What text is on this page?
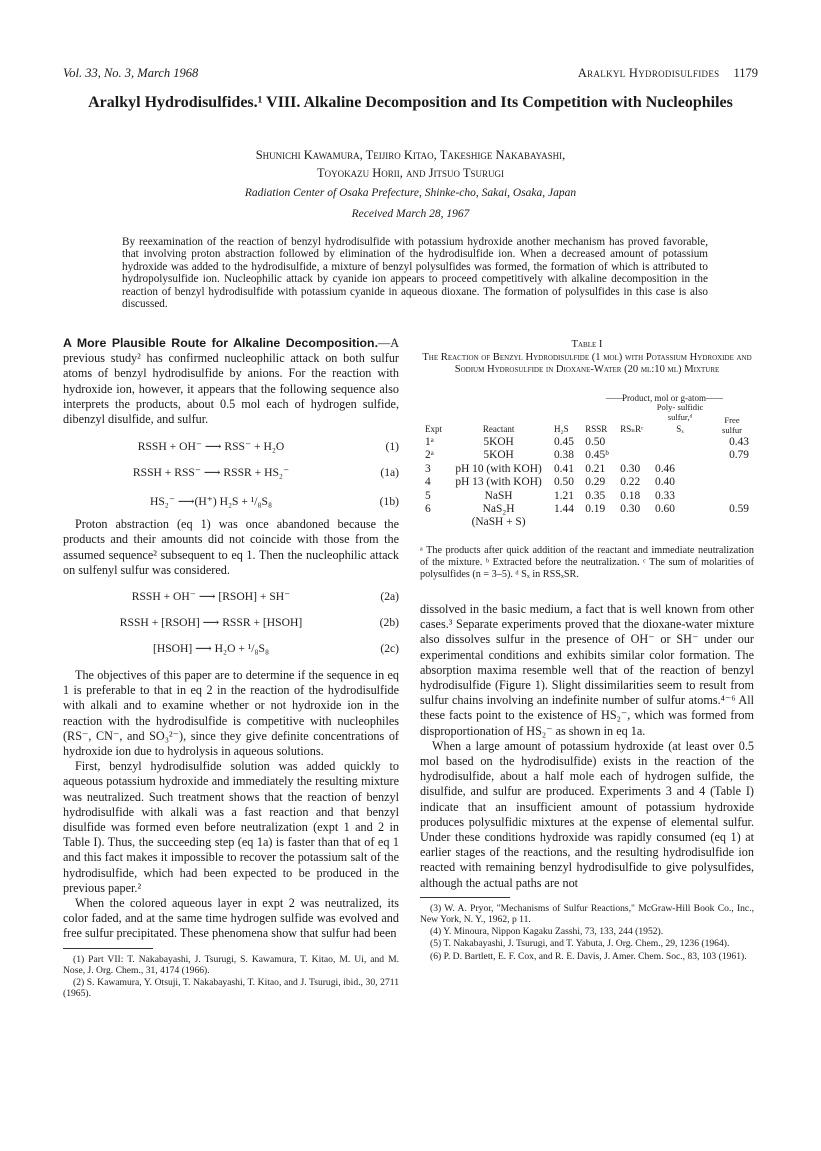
Vol. 33, No. 3, March 1968	Aralkyl Hydrodisulfides 1179
Aralkyl Hydrodisulfides.¹ VIII. Alkaline Decomposition and Its Competition with Nucleophiles
Shunichi Kawamura, Teijiro Kitao, Takeshige Nakabayashi,
Toyokazu Horii, and Jitsuo Tsurugi
Radiation Center of Osaka Prefecture, Shinke-cho, Sakai, Osaka, Japan
Received March 28, 1967
By reexamination of the reaction of benzyl hydrodisulfide with potassium hydroxide another mechanism has proved favorable, that involving proton abstraction followed by elimination of the hydrodisulfide ion. When a decreased amount of potassium hydroxide was added to the hydrodisulfide, a mixture of benzyl polysulfides was formed, the formation of which is attributed to hydropolysulfide ion. Nucleophilic attack by cyanide ion appears to proceed competitively with alkaline decomposition in the reaction of benzyl hydrodisulfide with potassium cyanide in aqueous dioxane. The formation of polysulfides in this case is also discussed.

A More Plausible Route for Alkaline Decomposition.—A previous study² has confirmed nucleophilic attack on both sulfur atoms of benzyl hydrodisulfide by anions. For the reaction with hydroxide ion, however, it appears that the following sequence also interprets the products, about 0.5 mol each of hydrogen sulfide, dibenzyl disulfide, and sulfur.

RSSH + OH⁻ ⟶ RSS⁻ + H₂O	(1)
RSSH + RSS⁻ ⟶ RSSR + HS₂⁻	(1a)
HS₂⁻ ⟶(H⁺) H₂S + ¹/₈S₈	(1b)

Proton abstraction (eq 1) was once abandoned because the products and their amounts did not coincide with those from the assumed sequence² subsequent to eq 1. Then the nucleophilic attack on sulfenyl sulfur was considered.

RSSH + OH⁻ ⟶ [RSOH] + SH⁻	(2a)
RSSH + [RSOH] ⟶ RSSR + [HSOH]	(2b)
[HSOH] ⟶ H₂O + ¹/₈S₈	(2c)

The objectives of this paper are to determine if the sequence in eq 1 is preferable to that in eq 2 in the reaction of the hydrodisulfide with alkali and to examine whether or not hydroxide ion in the reaction with the hydrodisulfide is competitive with nucleophiles (RS⁻, CN⁻, and SO₃²⁻), since they give definite concentrations of hydroxide ion due to hydrolysis in aqueous solutions.

First, benzyl hydrodisulfide solution was added quickly to aqueous potassium hydroxide and immediately the resulting mixture was neutralized. Such treatment shows that the reaction of benzyl hydrodisulfide with alkali was a fast reaction and that benzyl disulfide was formed even before neutralization (expt 1 and 2 in Table I). Thus, the succeeding step (eq 1a) is faster than that of eq 1 and this fact makes it impossible to recover the potassium salt of the hydrodisulfide, which had been expected to be produced in the previous paper.²

When the colored aqueous layer in expt 2 was neutralized, its color faded, and at the same time hydrogen sulfide was evolved and free sulfur precipitated. These phenomena show that sulfur had been

(1) Part VII: T. Nakabayashi, J. Tsurugi, S. Kawamura, T. Kitao, M. Ui, and M. Nose, J. Org. Chem., 31, 4174 (1966).

(2) S. Kawamura, Y. Otsuji, T. Nakabayashi, T. Kitao, and J. Tsurugi, ibid., 30, 2711 (1965).

Table I
The Reaction of Benzyl Hydrodisulfide (1 mol) with Potassium Hydroxide and Sodium Hydrosulfide in Dioxane-Water (20 ml:10 ml) Mixture
——Product, mol or g-atom——
Expt	Reactant	H₂S	RSSR	RSₙRᶜ	Poly- sulfidic sulfur,ᵈ
Sₓ	Free sulfur

1ᵃ	5KOH	0.45	0.50			0.43
2ᵃ	5KOH	0.38	0.45ᵇ			0.79
3	pH 10 (with KOH)	0.41	0.21	0.30	0.46	
4	pH 13 (with KOH)	0.50	0.29	0.22	0.40	
5	NaSH	1.21	0.35	0.18	0.33	
6	NaS₂H	1.44	0.19	0.30	0.60	0.59
	(NaSH + S)					
ᵃ The products after quick addition of the reactant and immediate neutralization of the mixture. ᵇ Extracted before the neutralization. ᶜ The sum of molarities of polysulfides (n = 3–5). ᵈ Sₓ in RSSₓSR.

dissolved in the basic medium, a fact that is well known from other cases.³ Separate experiments proved that the dioxane-water mixture also dissolves sulfur in the presence of OH⁻ or SH⁻ under our experimental conditions and exhibits similar color formation. The absorption maxima resemble well that of the reaction of benzyl hydrodisulfide (Figure 1). Slight dissimilarities seem to result from sulfur chains involving an indefinite number of sulfur atoms.⁴⁻⁶ All these facts point to the existence of HS₂⁻, which was formed from disproportionation of HS₂⁻ as shown in eq 1a.

When a large amount of potassium hydroxide (at least over 0.5 mol based on the hydrodisulfide) exists in the reaction of the hydrodisulfide, about a half mole each of hydrogen sulfide, the disulfide, and sulfur are produced. Experiments 3 and 4 (Table I) indicate that an insufficient amount of potassium hydroxide produces polysulfidic mixtures at the expense of elemental sulfur. Under these conditions hydroxide was rapidly consumed (eq 1) at earlier stages of the reactions, and the resulting hydrodisulfide ion reacted with remaining benzyl hydrodisulfide to give polysulfides, although the actual paths are not

(3) W. A. Pryor, "Mechanisms of Sulfur Reactions," McGraw-Hill Book Co., Inc., New York, N. Y., 1962, p 11.

(4) Y. Minoura, Nippon Kagaku Zasshi, 73, 133, 244 (1952).

(5) T. Nakabayashi, J. Tsurugi, and T. Yabuta, J. Org. Chem., 29, 1236 (1964).

(6) P. D. Bartlett, E. F. Cox, and R. E. Davis, J. Amer. Chem. Soc., 83, 103 (1961).
